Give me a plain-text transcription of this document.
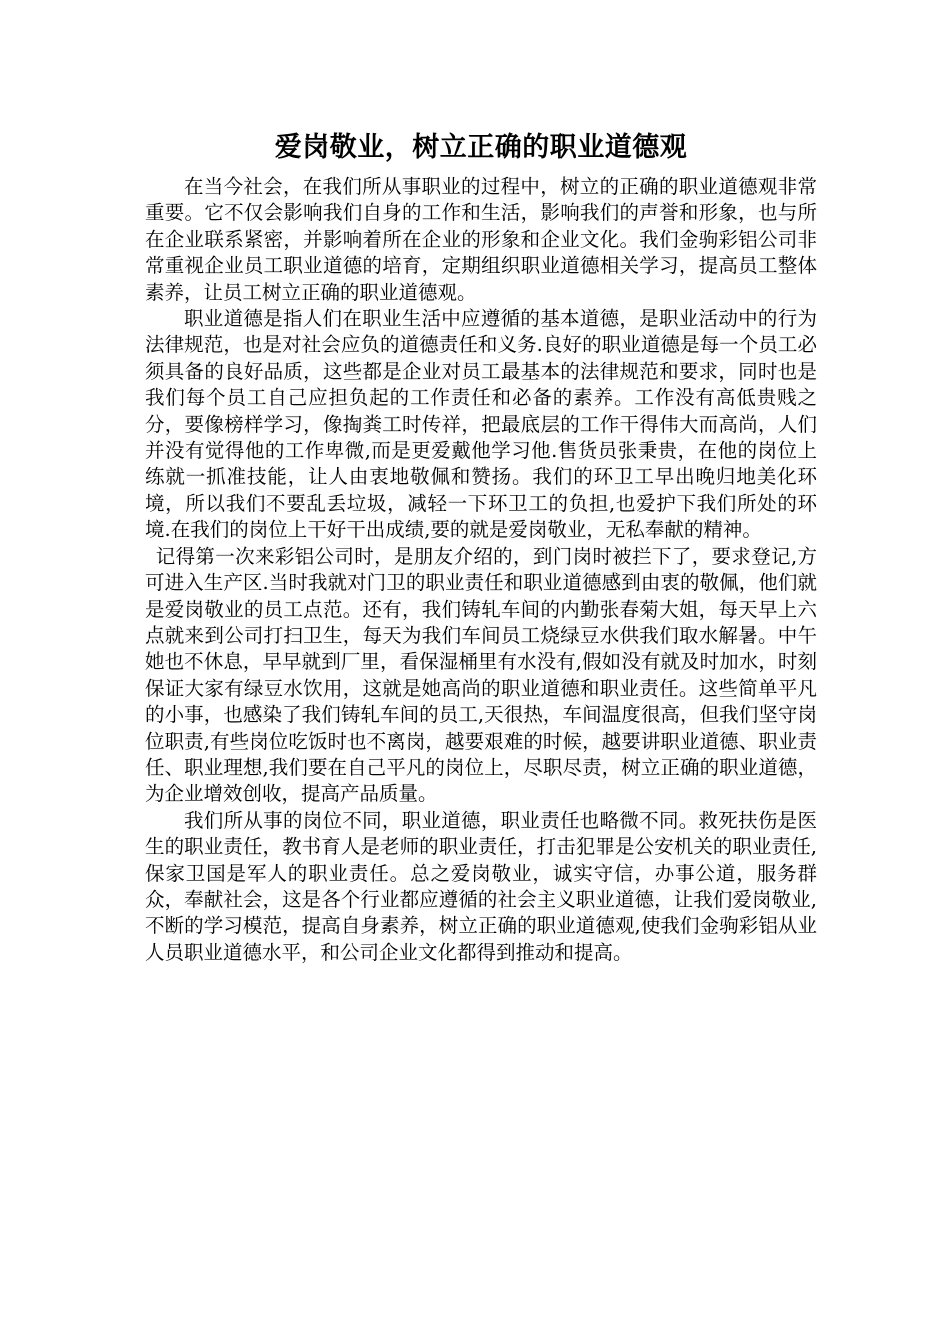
爱岗敬业，树立正确的职业道德观

在当今社会，在我们所从事职业的过程中，树立的正确的职业道德观非常重要。它不仅会影响我们自身的工作和生活，影响我们的声誉和形象，也与所在企业联系紧密，并影响着所在企业的形象和企业文化。我们金驹彩铝公司非常重视企业员工职业道德的培育，定期组织职业道德相关学习，提高员工整体素养，让员工树立正确的职业道德观。

职业道德是指人们在职业生活中应遵循的基本道德，是职业活动中的行为法律规范，也是对社会应负的道德责任和义务.良好的职业道德是每一个员工必须具备的良好品质，这些都是企业对员工最基本的法律规范和要求，同时也是我们每个员工自己应担负起的工作责任和必备的素养。工作没有高低贵贱之分，要像榜样学习，像掏粪工时传祥，把最底层的工作干得伟大而高尚，人们并没有觉得他的工作卑微,而是更爱戴他学习他.售货员张秉贵，在他的岗位上练就一抓准技能，让人由衷地敬佩和赞扬。我们的环卫工早出晚归地美化环境，所以我们不要乱丢垃圾，减轻一下环卫工的负担,也爱护下我们所处的环境.在我们的岗位上干好干出成绩,要的就是爱岗敬业，无私奉献的精神。

记得第一次来彩铝公司时，是朋友介绍的，到门岗时被拦下了，要求登记,方可进入生产区.当时我就对门卫的职业责任和职业道德感到由衷的敬佩，他们就是爱岗敬业的员工点范。还有，我们铸轧车间的内勤张春菊大姐，每天早上六点就来到公司打扫卫生，每天为我们车间员工烧绿豆水供我们取水解暑。中午她也不休息，早早就到厂里，看保湿桶里有水没有,假如没有就及时加水，时刻保证大家有绿豆水饮用，这就是她高尚的职业道德和职业责任。这些简单平凡的小事，也感染了我们铸轧车间的员工,天很热，车间温度很高，但我们坚守岗位职责,有些岗位吃饭时也不离岗，越要艰难的时候，越要讲职业道德、职业责任、职业理想,我们要在自己平凡的岗位上，尽职尽责，树立正确的职业道德，为企业增效创收，提高产品质量。

我们所从事的岗位不同，职业道德，职业责任也略微不同。救死扶伤是医生的职业责任，教书育人是老师的职业责任，打击犯罪是公安机关的职业责任,保家卫国是军人的职业责任。总之爱岗敬业，诚实守信，办事公道，服务群众，奉献社会，这是各个行业都应遵循的社会主义职业道德，让我们爱岗敬业,不断的学习模范，提高自身素养，树立正确的职业道德观,使我们金驹彩铝从业人员职业道德水平，和公司企业文化都得到推动和提高。
